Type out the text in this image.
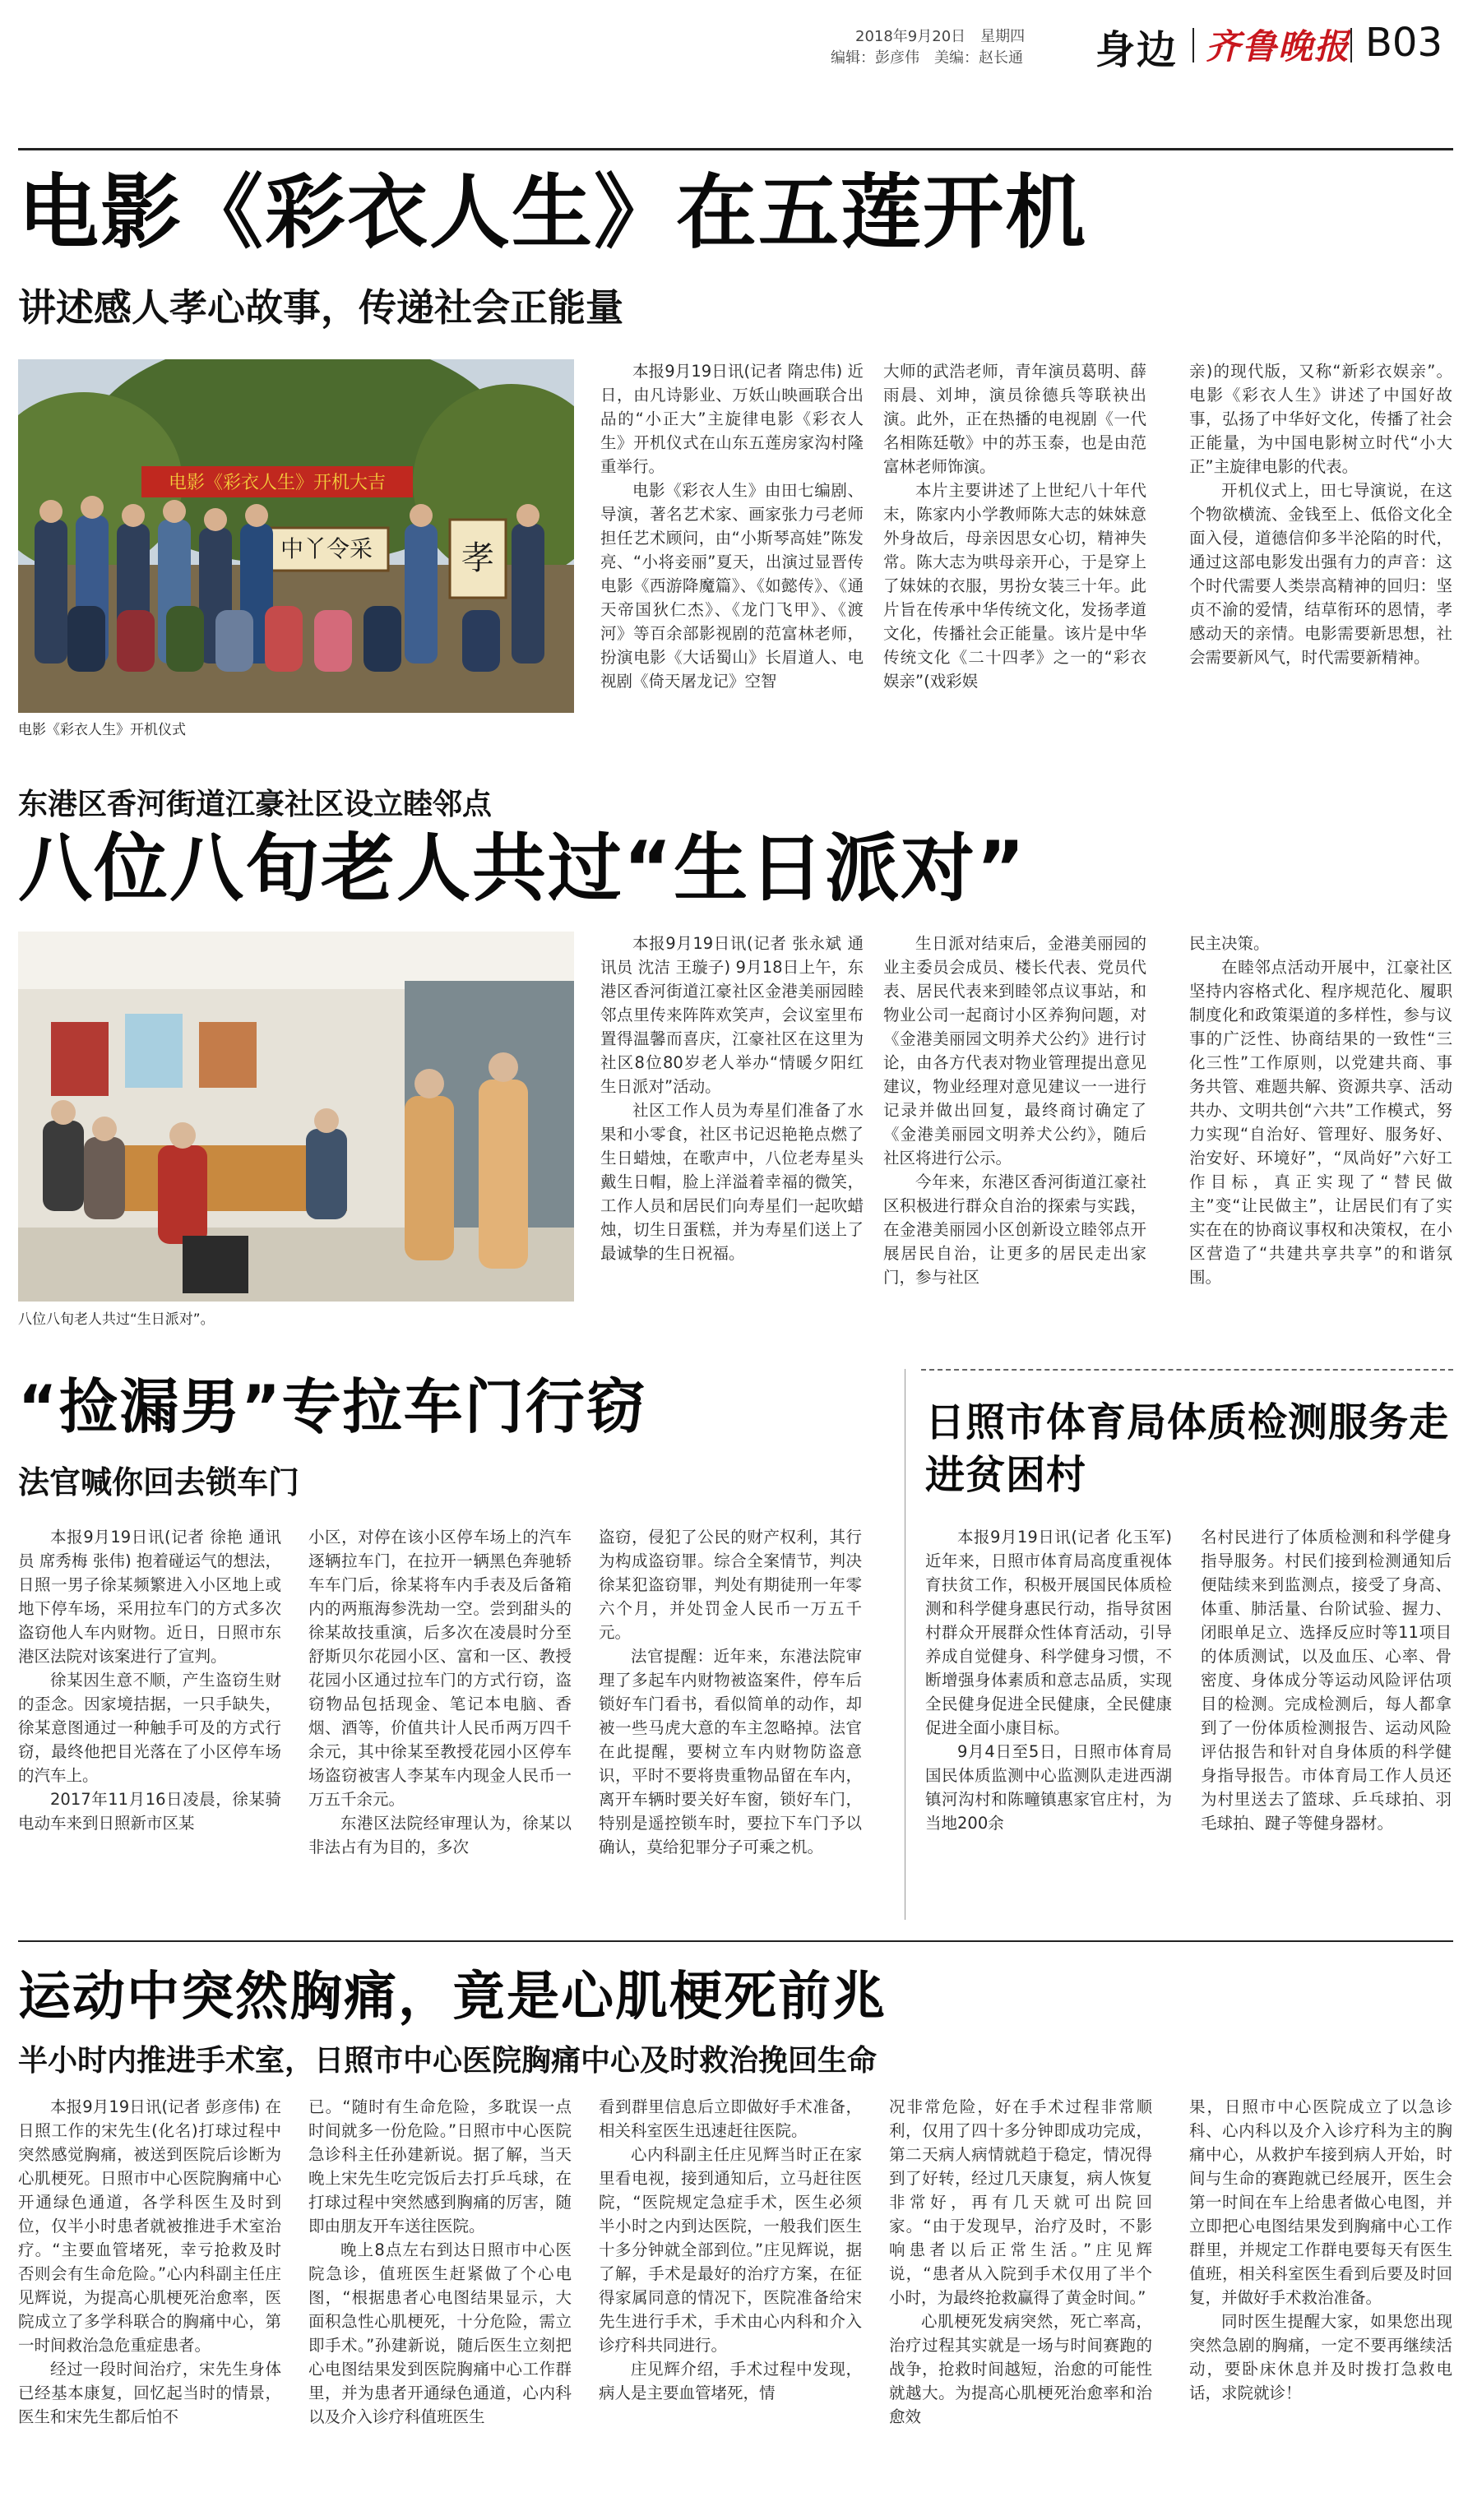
2018年9月20日　星期四
编辑：彭彦伟　美编：赵长通	身边 齐鲁晚报 B03
电影《彩衣人生》在五莲开机
讲述感人孝心故事，传递社会正能量
电影《彩衣人生》开机大吉
中丫令采	孝
电影《彩衣人生》开机仪式

本报9月19日讯(记者 隋忠伟) 近日，由凡诗影业、万妖山映画联合出品的“小正大”主旋律电影《彩衣人生》开机仪式在山东五莲房家沟村隆重举行。

电影《彩衣人生》由田七编剧、导演，著名艺术家、画家张力弓老师担任艺术顾问，由“小斯琴高娃”陈发亮、“小将妾丽”夏天，出演过显晋传电影《西游降魔篇》、《如懿传》、《通天帝国狄仁杰》、《龙门飞甲》、《渡河》等百余部影视剧的范富林老师，扮演电影《大话蜀山》长眉道人、电视剧《倚天屠龙记》空智

大师的武浩老师，青年演员葛明、薛雨晨、刘坤，演员徐德兵等联袂出演。此外，正在热播的电视剧《一代名相陈廷敬》中的苏玉泰，也是由范富林老师饰演。

本片主要讲述了上世纪八十年代末，陈家内小学教师陈大志的妹妹意外身故后，母亲因思女心切，精神失常。陈大志为哄母亲开心，于是穿上了妹妹的衣服，男扮女装三十年。此片旨在传承中华传统文化，发扬孝道文化，传播社会正能量。该片是中华传统文化《二十四孝》之一的“彩衣娱亲”(戏彩娱

亲)的现代版，又称“新彩衣娱亲”。电影《彩衣人生》讲述了中国好故事，弘扬了中华好文化，传播了社会正能量，为中国电影树立时代“小大正”主旋律电影的代表。

开机仪式上，田七导演说，在这个物欲横流、金钱至上、低俗文化全面入侵，道德信仰多半沦陷的时代，通过这部电影发出强有力的声音：这个时代需要人类崇高精神的回归：坚贞不渝的爱情，结草衔环的恩情，孝感动天的亲情。电影需要新思想，社会需要新风气，时代需要新精神。

东港区香河街道江豪社区设立睦邻点
八位八旬老人共过“生日派对”
八位八旬老人共过“生日派对”。

本报9月19日讯(记者 张永斌 通讯员 沈洁 王璇子) 9月18日上午，东港区香河街道江豪社区金港美丽园睦邻点里传来阵阵欢笑声，会议室里布置得温馨而喜庆，江豪社区在这里为社区8位80岁老人举办“情暖夕阳红生日派对”活动。

社区工作人员为寿星们准备了水果和小零食，社区书记迟艳艳点燃了生日蜡烛，在歌声中，八位老寿星头戴生日帽，脸上洋溢着幸福的微笑，工作人员和居民们向寿星们一起吹蜡烛，切生日蛋糕，并为寿星们送上了最诚挚的生日祝福。

生日派对结束后，金港美丽园的业主委员会成员、楼长代表、党员代表、居民代表来到睦邻点议事站，和物业公司一起商讨小区养狗问题，对《金港美丽园文明养犬公约》进行讨论，由各方代表对物业管理提出意见建议，物业经理对意见建议一一进行记录并做出回复，最终商讨确定了《金港美丽园文明养犬公约》，随后社区将进行公示。

今年来，东港区香河街道江豪社区积极进行群众自治的探索与实践，在金港美丽园小区创新设立睦邻点开展居民自治，让更多的居民走出家门，参与社区

民主决策。

在睦邻点活动开展中，江豪社区坚持内容格式化、程序规范化、履职制度化和政策渠道的多样性，参与议事的广泛性、协商结果的一致性“三化三性”工作原则，以党建共商、事务共管、难题共解、资源共享、活动共办、文明共创“六共”工作模式，努力实现“自治好、管理好、服务好、治安好、环境好”，“凤尚好”六好工作目标，真正实现了“替民做主”变“让民做主”，让居民们有了实实在在的协商议事权和决策权，在小区营造了“共建共享共享”的和谐氛围。

“捡漏男”专拉车门行窃
法官喊你回去锁车门

本报9月19日讯(记者 徐艳 通讯员 席秀梅 张伟) 抱着碰运气的想法，日照一男子徐某频繁进入小区地上或地下停车场，采用拉车门的方式多次盗窃他人车内财物。近日，日照市东港区法院对该案进行了宣判。

徐某因生意不顺，产生盗窃生财的歪念。因家境拮据，一只手缺失，徐某意图通过一种触手可及的方式行窃，最终他把目光落在了小区停车场的汽车上。

2017年11月16日凌晨，徐某骑电动车来到日照新市区某

小区，对停在该小区停车场上的汽车逐辆拉车门，在拉开一辆黑色奔驰轿车车门后，徐某将车内手表及后备箱内的两瓶海参洗劫一空。尝到甜头的徐某故技重演，后多次在凌晨时分至舒斯贝尔花园小区、富和一区、教授花园小区通过拉车门的方式行窃，盗窃物品包括现金、笔记本电脑、香烟、酒等，价值共计人民币两万四千余元，其中徐某至教授花园小区停车场盗窃被害人李某车内现金人民币一万五千余元。

东港区法院经审理认为，徐某以非法占有为目的，多次

盗窃，侵犯了公民的财产权利，其行为构成盗窃罪。综合全案情节，判决徐某犯盗窃罪，判处有期徒刑一年零六个月，并处罚金人民币一万五千元。

法官提醒：近年来，东港法院审理了多起车内财物被盗案件，停车后锁好车门看书，看似简单的动作，却被一些马虎大意的车主忽略掉。法官在此提醒，要树立车内财物防盗意识，平时不要将贵重物品留在车内，离开车辆时要关好车窗，锁好车门，特别是遥控锁车时，要拉下车门予以确认，莫给犯罪分子可乘之机。

日照市体育局体质检测服务走进贫困村

本报9月19日讯(记者 化玉军) 近年来，日照市体育局高度重视体育扶贫工作，积极开展国民体质检测和科学健身惠民行动，指导贫困村群众开展群众性体育活动，引导养成自觉健身、科学健身习惯，不断增强身体素质和意志品质，实现全民健身促进全民健康，全民健康促进全面小康目标。

9月4日至5日，日照市体育局国民体质监测中心监测队走进西湖镇河沟村和陈疃镇惠家官庄村，为当地200余

名村民进行了体质检测和科学健身指导服务。村民们接到检测通知后便陆续来到监测点，接受了身高、体重、肺活量、台阶试验、握力、闭眼单足立、选择反应时等11项目的体质测试，以及血压、心率、骨密度、身体成分等运动风险评估项目的检测。完成检测后，每人都拿到了一份体质检测报告、运动风险评估报告和针对自身体质的科学健身指导报告。市体育局工作人员还为村里送去了篮球、乒乓球拍、羽毛球拍、踺子等健身器材。

运动中突然胸痛，竟是心肌梗死前兆
半小时内推进手术室，日照市中心医院胸痛中心及时救治挽回生命

本报9月19日讯(记者 彭彦伟) 在日照工作的宋先生(化名)打球过程中突然感觉胸痛，被送到医院后诊断为心肌梗死。日照市中心医院胸痛中心开通绿色通道，各学科医生及时到位，仅半小时患者就被推进手术室治疗。“主要血管堵死，幸亏抢救及时否则会有生命危险。”心内科副主任庄见辉说，为提高心肌梗死治愈率，医院成立了多学科联合的胸痛中心，第一时间救治急危重症患者。

经过一段时间治疗，宋先生身体已经基本康复，回忆起当时的情景，医生和宋先生都后怕不

已。“随时有生命危险，多耽误一点时间就多一份危险。”日照市中心医院急诊科主任孙建新说。据了解，当天晚上宋先生吃完饭后去打乒乓球，在打球过程中突然感到胸痛的厉害，随即由朋友开车送往医院。

晚上8点左右到达日照市中心医院急诊，值班医生赶紧做了个心电图，“根据患者心电图结果显示，大面积急性心肌梗死，十分危险，需立即手术。”孙建新说，随后医生立刻把心电图结果发到医院胸痛中心工作群里，并为患者开通绿色通道，心内科以及介入诊疗科值班医生

看到群里信息后立即做好手术准备，相关科室医生迅速赶往医院。

心内科副主任庄见辉当时正在家里看电视，接到通知后，立马赶往医院，“医院规定急症手术，医生必须半小时之内到达医院，一般我们医生十多分钟就全部到位。”庄见辉说，据了解，手术是最好的治疗方案，在征得家属同意的情况下，医院准备给宋先生进行手术，手术由心内科和介入诊疗科共同进行。

庄见辉介绍，手术过程中发现，病人是主要血管堵死，情

况非常危险，好在手术过程非常顺利，仅用了四十多分钟即成功完成，第二天病人病情就趋于稳定，情况得到了好转，经过几天康复，病人恢复非常好，再有几天就可出院回家。“由于发现早，治疗及时，不影响患者以后正常生活。”庄见辉说，“患者从入院到手术仅用了半个小时，为最终抢救赢得了黄金时间。”

心肌梗死发病突然，死亡率高，治疗过程其实就是一场与时间赛跑的战争，抢救时间越短，治愈的可能性就越大。为提高心肌梗死治愈率和治愈效

果，日照市中心医院成立了以急诊科、心内科以及介入诊疗科为主的胸痛中心，从救护车接到病人开始，时间与生命的赛跑就已经展开，医生会第一时间在车上给患者做心电图，并立即把心电图结果发到胸痛中心工作群里，并规定工作群电要每天有医生值班，相关科室医生看到后要及时回复，并做好手术救治准备。

同时医生提醒大家，如果您出现突然急剧的胸痛，一定不要再继续活动，要卧床休息并及时拨打急救电话，求院就诊！
